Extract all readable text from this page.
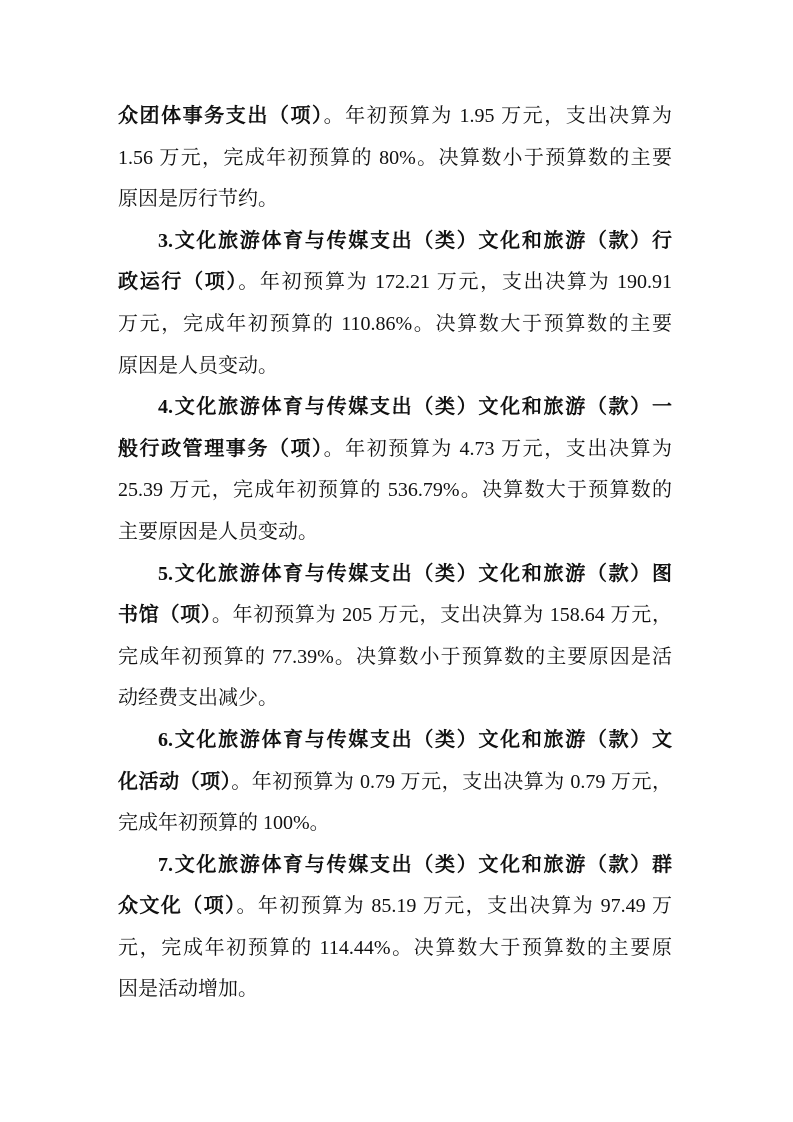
众团体事务支出（项）。年初预算为 1.95 万元，支出决算为
1.56 万元，完成年初预算的 80%。决算数小于预算数的主要
原因是厉行节约。
3.文化旅游体育与传媒支出（类）文化和旅游（款）行
政运行（项）。年初预算为 172.21 万元，支出决算为 190.91
万元，完成年初预算的 110.86%。决算数大于预算数的主要
原因是人员变动。
4.文化旅游体育与传媒支出（类）文化和旅游（款）一
般行政管理事务（项）。年初预算为 4.73 万元，支出决算为
25.39 万元，完成年初预算的 536.79%。决算数大于预算数的
主要原因是人员变动。
5.文化旅游体育与传媒支出（类）文化和旅游（款）图
书馆（项）。年初预算为 205 万元，支出决算为 158.64 万元，
完成年初预算的 77.39%。决算数小于预算数的主要原因是活
动经费支出减少。
6.文化旅游体育与传媒支出（类）文化和旅游（款）文
化活动（项）。年初预算为 0.79 万元，支出决算为 0.79 万元，
完成年初预算的 100%。
7.文化旅游体育与传媒支出（类）文化和旅游（款）群
众文化（项）。年初预算为 85.19 万元，支出决算为 97.49 万
元，完成年初预算的 114.44%。决算数大于预算数的主要原
因是活动增加。
